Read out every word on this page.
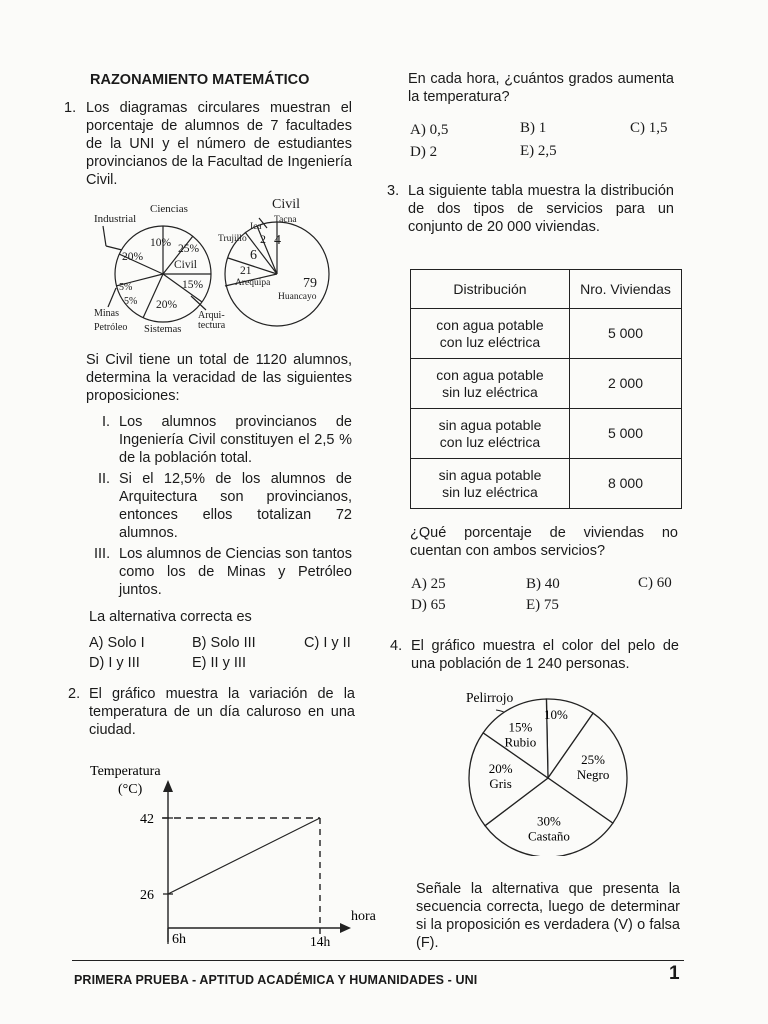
RAZONAMIENTO MATEMÁTICO
1. Los diagramas circulares muestran el porcentaje de alumnos de 7 facultades de la UNI y el número de estudiantes provincianos de la Facultad de Ingeniería Civil.
Ciencias
Industrial
10% 25%
Civil
20%
15%
5%
5% 20%
Minas
Petróleo Sistemas
Arqui-
tectura
Civil
Tacna
Ica
Trujillo 2 4
6
21
Arequipa 79
Huancayo
Si Civil tiene un total de 1120 alumnos, determina la veracidad de las siguientes proposiciones:
I. Los alumnos provincianos de Ingeniería Civil constituyen el 2,5 % de la población total.
II. Si el 12,5% de los alumnos de Arquitectura son provincianos, entonces ellos totalizan 72 alumnos.
III. Los alumnos de Ciencias son tantos como los de Minas y Petróleo juntos.
La alternativa correcta es
A) Solo I	B) Solo III	C) I y II
D) I y III	E) II y III
2. El gráfico muestra la variación de la temperatura de un día caluroso en una ciudad.
Temperatura
(°C)
42
26
6h	14h
hora
En cada hora, ¿cuántos grados aumenta la temperatura?
A) 0,5	B) 1	C) 1,5
D) 2	E) 2,5
3. La siguiente tabla muestra la distribución de dos tipos de servicios para un conjunto de 20 000 viviendas.
Distribución	Nro. Viviendas
con agua potable
con luz eléctrica	5 000
con agua potable
sin luz eléctrica	2 000
sin agua potable
con luz eléctrica	5 000
sin agua potable
sin luz eléctrica	8 000
¿Qué porcentaje de viviendas no cuentan con ambos servicios?
A) 25	B) 40	C) 60
D) 65	E) 75
4. El gráfico muestra el color del pelo de una población de 1 240 personas.
Pelirrojo
10%
25%
Negro
30%
Castaño
20%
Gris
15%
Rubio
Señale la alternativa que presenta la secuencia correcta, luego de determinar si la proposición es verdadera (V) o falsa (F).
PRIMERA PRUEBA - APTITUD ACADÉMICA Y HUMANIDADES - UNI	1
